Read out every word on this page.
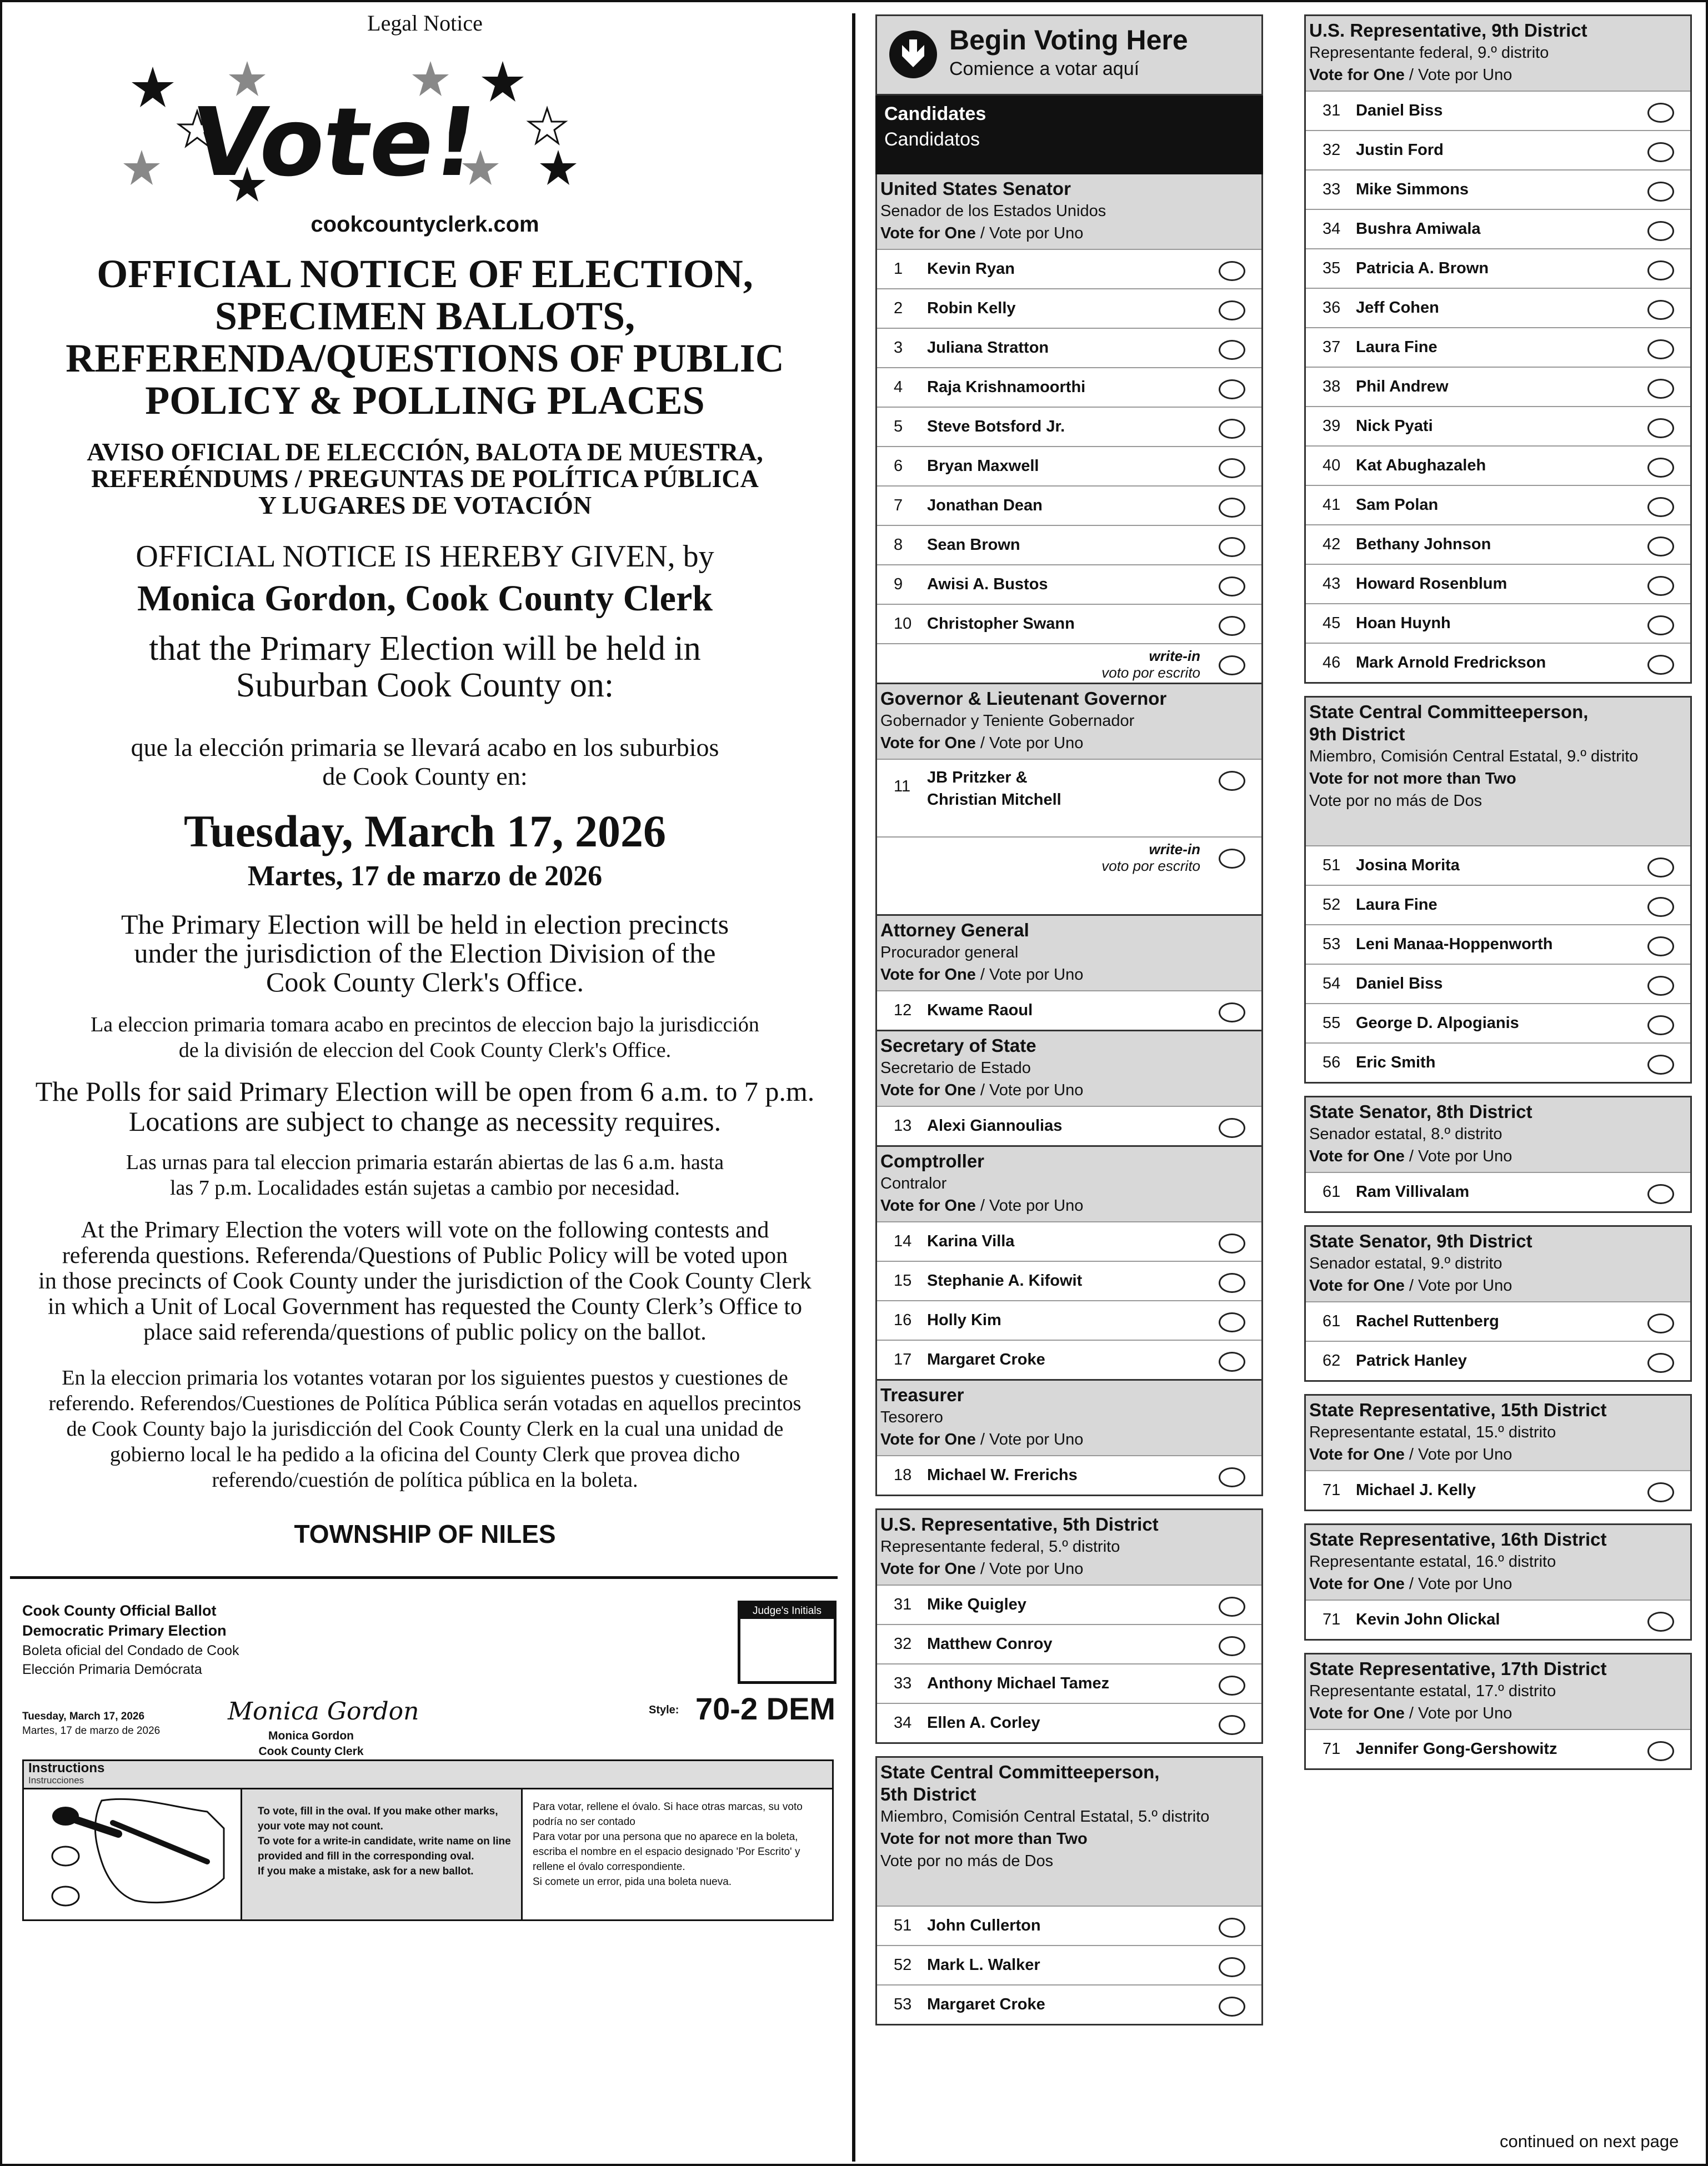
Legal Notice
Vote!
cookcountyclerk.com
OFFICIAL NOTICE OF ELECTION,
SPECIMEN BALLOTS,
REFERENDA/QUESTIONS OF PUBLIC
POLICY & POLLING PLACES
AVISO OFICIAL DE ELECCIÓN, BALOTA DE MUESTRA,
REFERÉNDUMS / PREGUNTAS DE POLÍTICA PÚBLICA
Y LUGARES DE VOTACIÓN
OFFICIAL NOTICE IS HEREBY GIVEN, by
Monica Gordon, Cook County Clerk
that the Primary Election will be held in
Suburban Cook County on:
que la elección primaria se llevará acabo en los suburbios
de Cook County en:
Tuesday, March 17, 2026
Martes, 17 de marzo de 2026
The Primary Election will be held in election precincts
under the jurisdiction of the Election Division of the
Cook County Clerk's Office.
La eleccion primaria tomara acabo en precintos de eleccion bajo la jurisdicción
de la división de eleccion del Cook County Clerk's Office.
The Polls for said Primary Election will be open from 6 a.m. to 7 p.m.
Locations are subject to change as necessity requires.
Las urnas para tal eleccion primaria estarán abiertas de las 6 a.m. hasta
las 7 p.m. Localidades están sujetas a cambio por necesidad.
At the Primary Election the voters will vote on the following contests and
referenda questions. Referenda/Questions of Public Policy will be voted upon
in those precincts of Cook County under the jurisdiction of the Cook County Clerk
in which a Unit of Local Government has requested the County Clerk’s Office to
place said referenda/questions of public policy on the ballot.
En la eleccion primaria los votantes votaran por los siguientes puestos y cuestiones de
referendo. Referendos/Cuestiones de Política Pública serán votadas en aquellos precintos
de Cook County bajo la jurisdicción del Cook County Clerk en la cual una unidad de
gobierno local le ha pedido a la oficina del County Clerk que provea dicho
referendo/cuestión de política pública en la boleta.
TOWNSHIP OF NILES
Cook County Official Ballot
Democratic Primary Election
Boleta oficial del Condado de Cook
Elección Primaria Demócrata
Tuesday, March 17, 2026
Martes, 17 de marzo de 2026
Monica Gordon
Monica Gordon
Cook County Clerk
Style: 70-2 DEM
Judge's Initials
Instructions
Instrucciones
To vote, fill in the oval. If you make other marks, your vote may not count.
To vote for a write-in candidate, write name on line provided and fill in the corresponding oval.
If you make a mistake, ask for a new ballot.
Para votar, rellene el óvalo. Si hace otras marcas, su voto podría no ser contado
Para votar por una persona que no aparece en la boleta, escriba el nombre en el espacio designado 'Por Escrito' y rellene el óvalo correspondiente.
Si comete un error, pida una boleta nueva.
Begin Voting Here
Comience a votar aquí
Candidates
Candidatos
United States Senator
Senador de los Estados Unidos
Vote for One / Vote por Uno
1	Kevin Ryan
2	Robin Kelly
3	Juliana Stratton
4	Raja Krishnamoorthi
5	Steve Botsford Jr.
6	Bryan Maxwell
7	Jonathan Dean
8	Sean Brown
9	Awisi A. Bustos
10 Christopher Swann
write-in
voto por escrito
Governor & Lieutenant Governor
Gobernador y Teniente Gobernador
Vote for One / Vote por Uno
11	JB Pritzker &
Christian Mitchell
write-in
voto por escrito
Attorney General
Procurador general
Vote for One / Vote por Uno
12 Kwame Raoul
Secretary of State
Secretario de Estado
Vote for One / Vote por Uno
13 Alexi Giannoulias
Comptroller
Contralor
Vote for One / Vote por Uno
14 Karina Villa
15 Stephanie A. Kifowit
16 Holly Kim
17 Margaret Croke
Treasurer
Tesorero
Vote for One / Vote por Uno
18 Michael W. Frerichs
U.S. Representative, 5th District
Representante federal, 5.º distrito
Vote for One / Vote por Uno
31 Mike Quigley
32 Matthew Conroy
33 Anthony Michael Tamez
34 Ellen A. Corley
State Central Committeeperson,
5th District
Miembro, Comisión Central Estatal, 5.º distrito
Vote for not more than Two
Vote por no más de Dos
51 John Cullerton
52 Mark L. Walker
53 Margaret Croke
U.S. Representative, 9th District
Representante federal, 9.º distrito
Vote for One / Vote por Uno
31 Daniel Biss
32 Justin Ford
33 Mike Simmons
34 Bushra Amiwala
35 Patricia A. Brown
36 Jeff Cohen
37 Laura Fine
38 Phil Andrew
39 Nick Pyati
40 Kat Abughazaleh
41 Sam Polan
42 Bethany Johnson
43 Howard Rosenblum
45 Hoan Huynh
46 Mark Arnold Fredrickson
State Central Committeeperson,
9th District
Miembro, Comisión Central Estatal, 9.º distrito
Vote for not more than Two
Vote por no más de Dos
51 Josina Morita
52 Laura Fine
53 Leni Manaa-Hoppenworth
54 Daniel Biss
55 George D. Alpogianis
56 Eric Smith
State Senator, 8th District
Senador estatal, 8.º distrito
Vote for One / Vote por Uno
61 Ram Villivalam
State Senator, 9th District
Senador estatal, 9.º distrito
Vote for One / Vote por Uno
61 Rachel Ruttenberg
62 Patrick Hanley
State Representative, 15th District
Representante estatal, 15.º distrito
Vote for One / Vote por Uno
71 Michael J. Kelly
State Representative, 16th District
Representante estatal, 16.º distrito
Vote for One / Vote por Uno
71 Kevin John Olickal
State Representative, 17th District
Representante estatal, 17.º distrito
Vote for One / Vote por Uno
71 Jennifer Gong-Gershowitz
continued on next page
